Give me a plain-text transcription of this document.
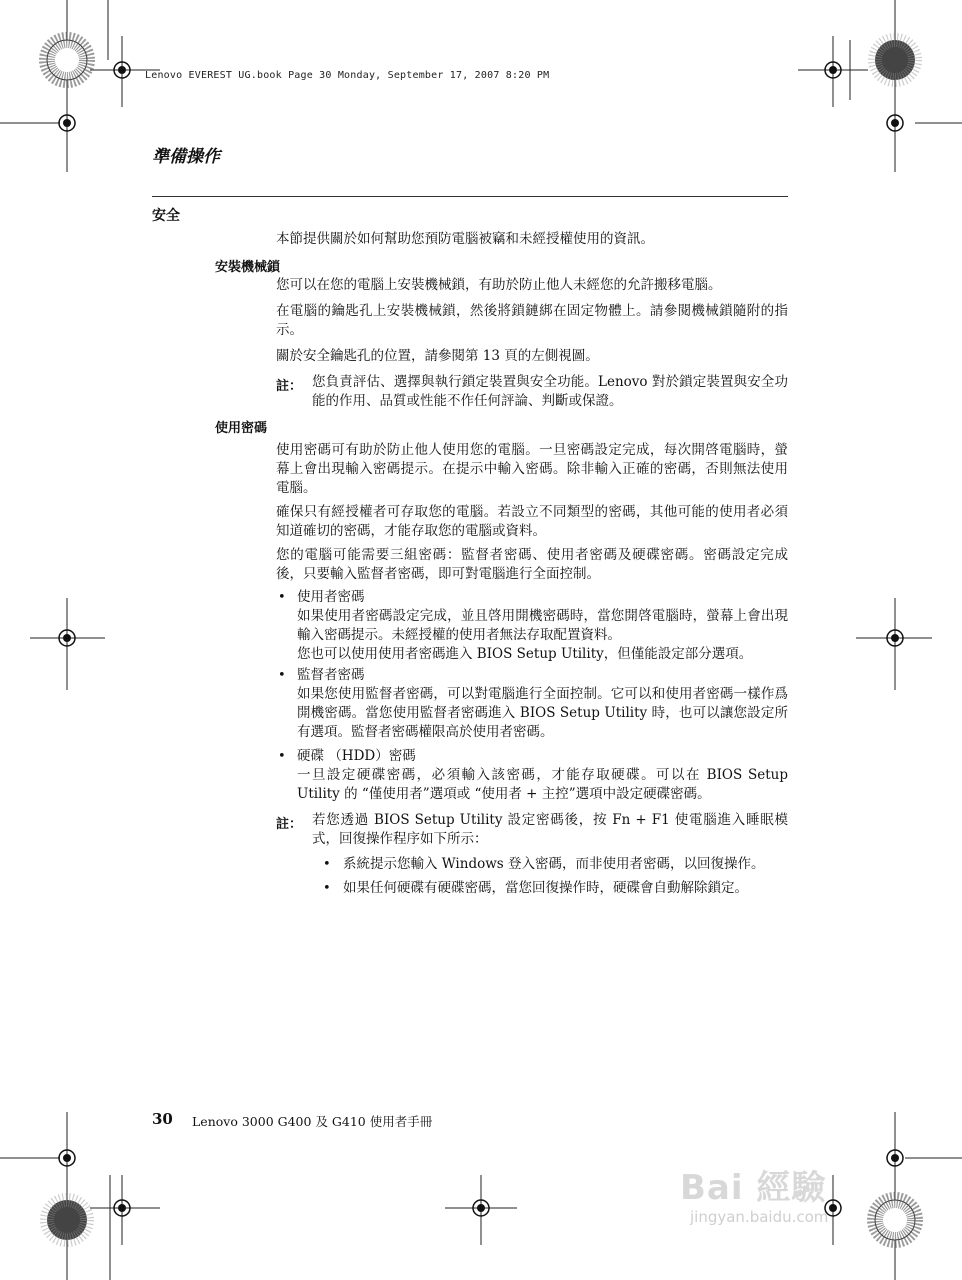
Lenovo EVEREST UG.book Page 30 Monday, September 17, 2007 8:20 PM
準備操作
安全
本節提供關於如何幫助您預防電腦被竊和未經授權使用的資訊。
安裝機械鎖
您可以在您的電腦上安裝機械鎖，有助於防止他人未經您的允許搬移電腦。
在電腦的鑰匙孔上安裝機械鎖，然後將鎖鏈綁在固定物體上。請參閱機械鎖隨附的指示。
關於安全鑰匙孔的位置，請參閱第 13 頁的左側視圖。
註： 您負責評估、選擇與執行鎖定裝置與安全功能。Lenovo 對於鎖定裝置與安全功能的作用、品質或性能不作任何評論、判斷或保證。
使用密碼
使用密碼可有助於防止他人使用您的電腦。一旦密碼設定完成，每次開啓電腦時，螢幕上會出現輸入密碼提示。在提示中輸入密碼。除非輸入正確的密碼，否則無法使用電腦。
確保只有經授權者可存取您的電腦。若設立不同類型的密碼，其他可能的使用者必須知道確切的密碼，才能存取您的電腦或資料。
您的電腦可能需要三組密碼：監督者密碼、使用者密碼及硬碟密碼。密碼設定完成後，只要輸入監督者密碼，即可對電腦進行全面控制。
• 使用者密碼
如果使用者密碼設定完成，並且啓用開機密碼時，當您開啓電腦時，螢幕上會出現輸入密碼提示。未經授權的使用者無法存取配置資料。
您也可以使用使用者密碼進入 BIOS Setup Utility，但僅能設定部分選項。
• 監督者密碼
如果您使用監督者密碼，可以對電腦進行全面控制。它可以和使用者密碼一樣作爲開機密碼。當您使用監督者密碼進入 BIOS Setup Utility 時，也可以讓您設定所有選項。監督者密碼權限高於使用者密碼。
• 硬碟 （HDD）密碼
一旦設定硬碟密碼，必須輸入該密碼，才能存取硬碟。可以在 BIOS Setup Utility 的 “僅使用者”選項或 “使用者 + 主控”選項中設定硬碟密碼。
註： 若您透過 BIOS Setup Utility 設定密碼後，按 Fn + F1 使電腦進入睡眠模式，回復操作程序如下所示：
• 系統提示您輸入 Windows 登入密碼，而非使用者密碼，以回復操作。
• 如果任何硬碟有硬碟密碼，當您回復操作時，硬碟會自動解除鎖定。
30 Lenovo 3000 G400 及 G410 使用者手冊
Bai 經驗
jingyan.baidu.com
